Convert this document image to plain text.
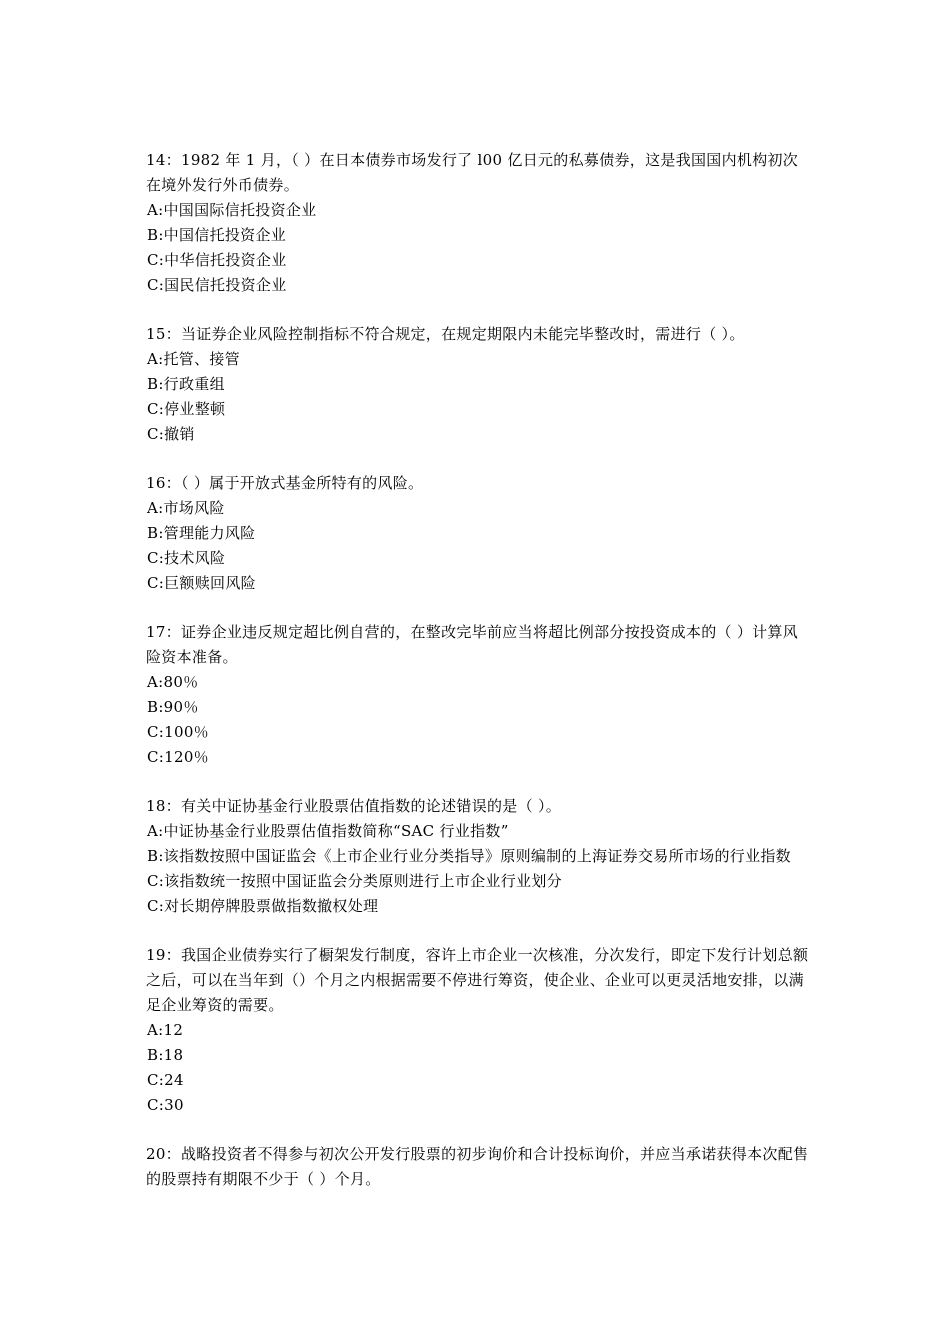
14：1982 年 1 月，（ ）在日本债券市场发行了 l00 亿日元的私募债券，这是我国国内机构初次在境外发行外币债券。

A:中国国际信托投资企业

B:中国信托投资企业

C:中华信托投资企业

C:国民信托投资企业

15：当证券企业风险控制指标不符合规定，在规定期限内未能完毕整改时，需进行（ ）。

A:托管、接管

B:行政重组

C:停业整顿

C:撤销

16：（ ）属于开放式基金所特有的风险。

A:市场风险

B:管理能力风险

C:技术风险

C:巨额赎回风险

17：证券企业违反规定超比例自营的，在整改完毕前应当将超比例部分按投资成本的（ ）计算风险资本准备。

A:80％

B:90％

C:100％

C:120％

18：有关中证协基金行业股票估值指数的论述错误的是（ ）。

A:中证协基金行业股票估值指数简称“SAC 行业指数”

B:该指数按照中国证监会《上市企业行业分类指导》原则编制的上海证券交易所市场的行业指数

C:该指数统一按照中国证监会分类原则进行上市企业行业划分

C:对长期停牌股票做指数撤权处理

19：我国企业债券实行了橱架发行制度，容许上市企业一次核准，分次发行，即定下发行计划总额之后，可以在当年到（）个月之内根据需要不停进行筹资，使企业、企业可以更灵活地安排，以满足企业筹资的需要。

A:12

B:18

C:24

C:30

20：战略投资者不得参与初次公开发行股票的初步询价和合计投标询价，并应当承诺获得本次配售的股票持有期限不少于（ ）个月。
